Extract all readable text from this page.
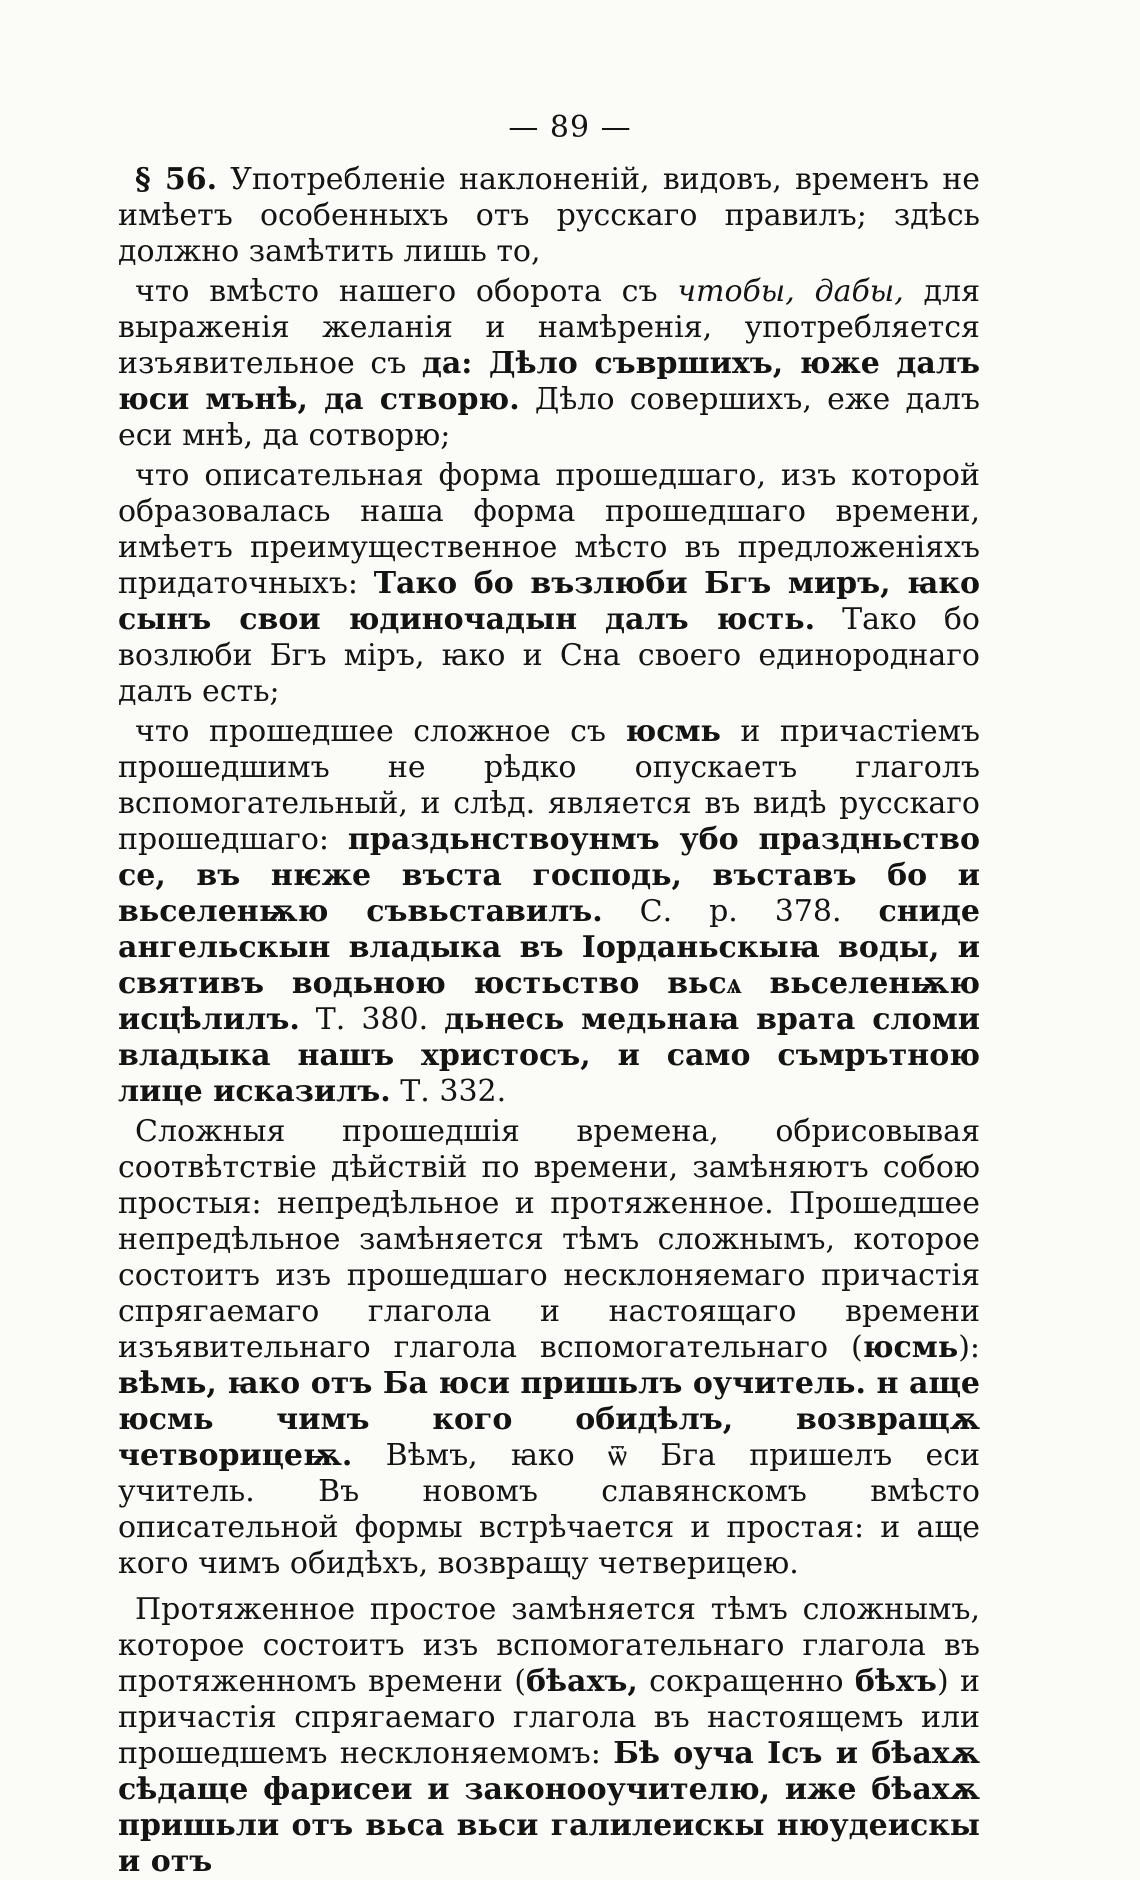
— 89 —

§ 56. Употребленіе наклоненій, видовъ, временъ не имѣетъ особенныхъ отъ русскаго правилъ; здѣсь должно замѣтить лишь то,

что вмѣсто нашего оборота съ чтобы, дабы, для выраженія желанія и намѣренія, употребляется изъявительное съ да: Дѣло съвршихъ, юже далъ юси мънѣ, да створю. Дѣло совершихъ, еже далъ еси мнѣ, да сотворю;

что описательная форма прошедшаго, изъ которой образовалась наша форма прошедшаго времени, имѣетъ преимущественное мѣсто въ предложеніяхъ придаточныхъ: Тако бо възлюби Бгъ миръ, ꙗко сынъ свои юдиночадын далъ юсть. Тако бо возлюби Бгъ міръ, ꙗко и Сна своего единороднаго далъ есть;

что прошедшее сложное съ юсмь и причастіемъ прошедшимъ не рѣдко опускаетъ глаголъ вспомогательный, и слѣд. является въ видѣ русскаго прошедшаго: праздьнствоунмъ убо праздньство се, въ нѥже въста господь, въставъ бо и вьселенѭю съвьставилъ. С. р. 378. сниде ангельскын владыка въ Іорданьскыꙗ воды, и святивъ водьною юстьство вьсѧ вьселенѭю исцѣлилъ. Т. 380. дьнесь медьнаꙗ врата сломи владыка нашъ христосъ, и само съмрътною лице исказилъ. Т. 332.

Сложныя прошедшія времена, обрисовывая соотвѣтствіе дѣйствій по времени, замѣняютъ собою простыя: непредѣльное и протяженное. Прошедшее непредѣльное замѣняется тѣмъ сложнымъ, которое состоитъ изъ прошедшаго несклоняемаго причастія спрягаемаго глагола и настоящаго времени изъявительнаго глагола вспомогательнаго (юсмь): вѣмь, ꙗко отъ Ба юси пришьлъ оучитель. н аще юсмь чимъ кого обидѣлъ, возвращѫ четворицеѭ. Вѣмъ, ꙗко ѿ Бга пришелъ еси учитель. Въ новомъ славянскомъ вмѣсто описательной формы встрѣчается и простая: и аще кого чимъ обидѣхъ, возвращу четверицею.

Протяженное простое замѣняется тѣмъ сложнымъ, которое состоитъ изъ вспомогательнаго глагола въ протяженномъ времени (бѣахъ, сокращенно бѣхъ) и причастія спрягаемаго глагола въ настоящемъ или прошедшемъ несклоняемомъ: Бѣ оуча Ісъ и бѣахѫ сѣдаще фарисеи и законооучителю, иже бѣахѫ пришьли отъ вьса вьси галилеискы нюудеискы и отъ
